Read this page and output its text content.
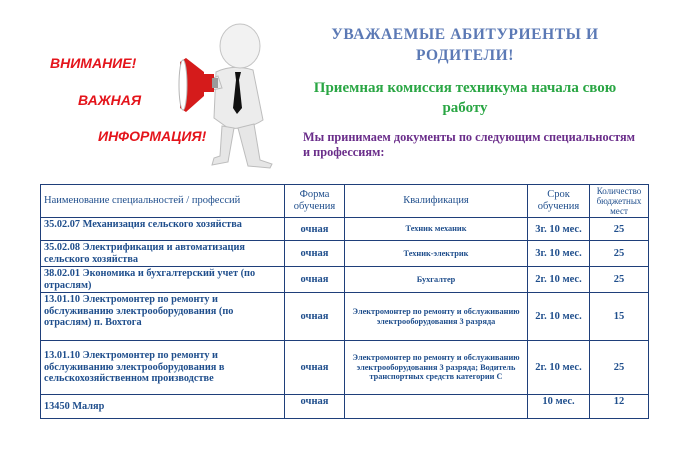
ВНИМАНИЕ!
ВАЖНАЯ
ИНФОРМАЦИЯ!
УВАЖАЕМЫЕ АБИТУРИЕНТЫ И РОДИТЕЛИ!
Приемная комиссия техникума начала свою работу
Мы принимаем документы по следующим специальностям и профессиям:
Наименование специальностей / профессий	Форма обучения	Квалификация	Срок обучения	Количество бюджетных мест
35.02.07 Механизация сельского хозяйства	очная	Техник механик	3г. 10 мес.	25
35.02.08 Электрификация и автоматизация сельского хозяйства	очная	Техник-электрик	3г. 10 мес.	25
38.02.01 Экономика и бухгалтерский учет (по отраслям)	очная	Бухгалтер	2г. 10 мес.	25
13.01.10 Электромонтер по ремонту и обслуживанию электрооборудования (по отраслям) п. Вохтога	очная	Электромонтер по ремонту и обслуживанию электрооборудования 3 разряда	2г. 10 мес.	15
13.01.10 Электромонтер по ремонту и обслуживанию электрооборудования в сельскохозяйственном производстве	очная	Электромонтер по ремонту и обслуживанию электрооборудования 3 разряда; Водитель транспортных средств категории С	2г. 10 мес.	25
13450 Маляр	очная		10 мес.	12
